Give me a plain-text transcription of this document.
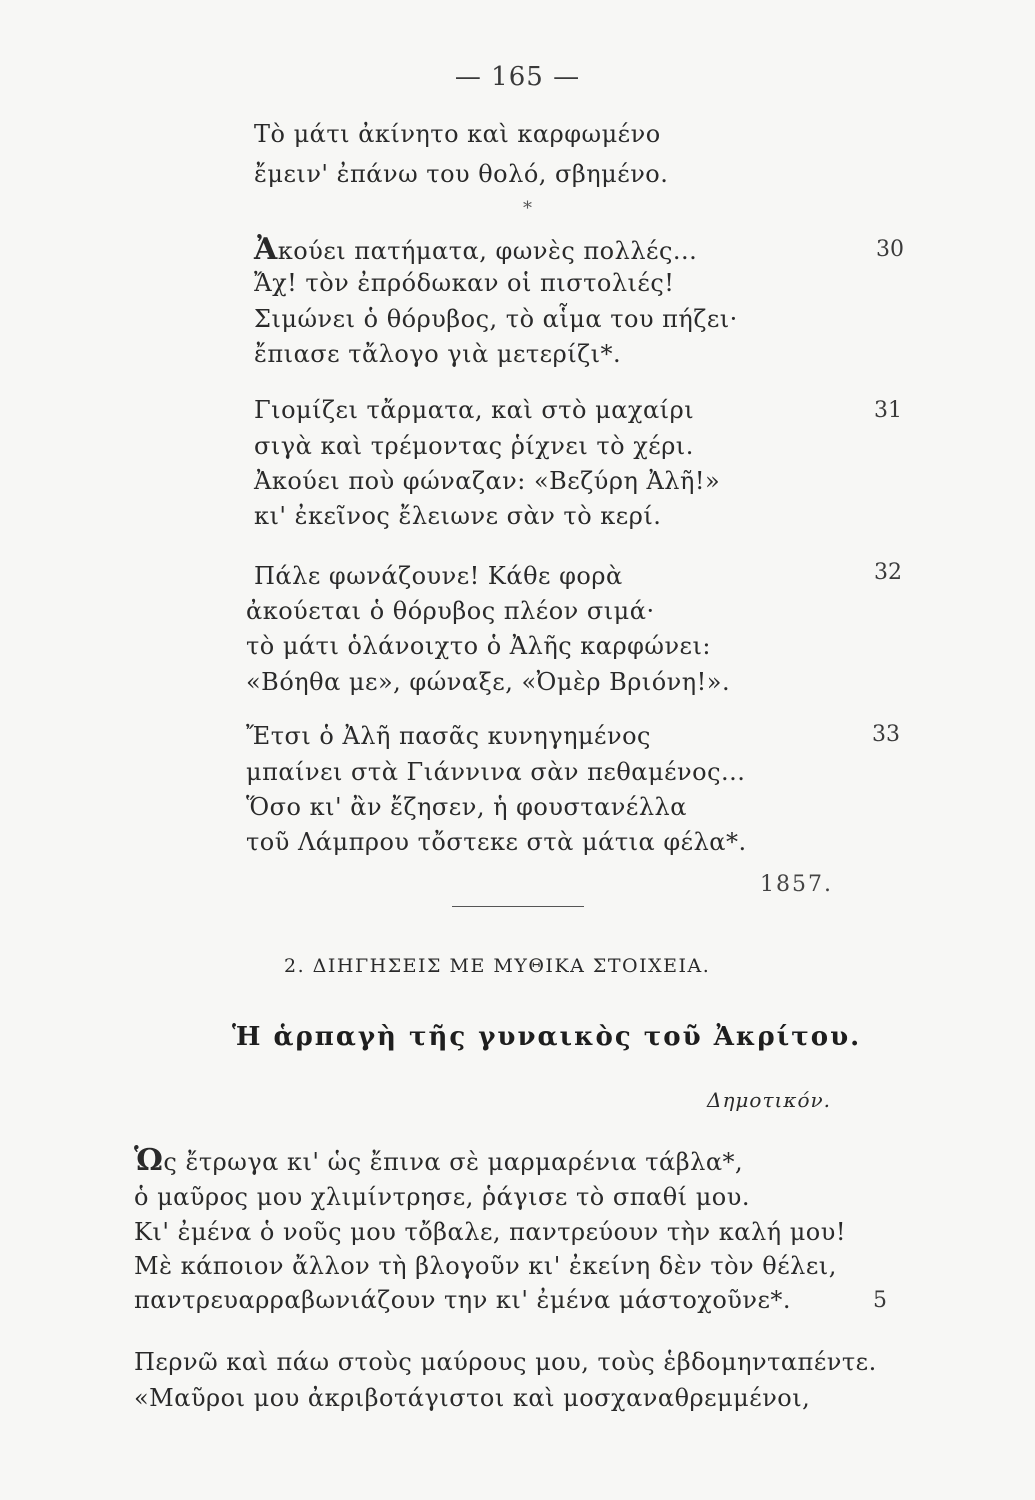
— 165 —
Τὸ μάτι ἀκίνητο καὶ καρφωμένο
ἔμειν' ἐπάνω του θολό, σβημένο.
*
Ἀκούει πατήματα, φωνὲς πολλές...	30
Ἄχ! τὸν ἐπρόδωκαν οἱ πιστολιές!
Σιμώνει ὁ θόρυβος, τὸ αἷμα του πήζει·
ἔπιασε τἄλογο γιὰ μετερίζι*.
Γιομίζει τἄρματα, καὶ στὸ μαχαίρι	31
σιγὰ καὶ τρέμοντας ῥίχνει τὸ χέρι.
Ἀκούει ποὺ φώναζαν: «Βεζύρη Ἀλῆ!»
κι' ἐκεῖνος ἔλειωνε σὰν τὸ κερί.
Πάλε φωνάζουνε! Κάθε φορὰ	32
ἀκούεται ὁ θόρυβος πλέον σιμά·
τὸ μάτι ὁλάνοιχτο ὁ Ἀλῆς καρφώνει:
«Βόηθα με», φώναξε, «Ὀμὲρ Βριόνη!».
Ἔτσι ὁ Ἀλῆ πασᾶς κυνηγημένος	33
μπαίνει στὰ Γιάννινα σὰν πεθαμένος...
Ὅσο κι' ἂν ἔζησεν, ἡ φουστανέλλα
τοῦ Λάμπρου τὄστεκε στὰ μάτια φέλα*.
1857.
2. ΔΙΗΓΗΣΕΙΣ ΜΕ ΜΥΘΙΚΑ ΣΤΟΙΧΕΙΑ.
Ἡ ἁρπαγὴ τῆς γυναικὸς τοῦ Ἀκρίτου.
Δημοτικόν.
Ὡς ἔτρωγα κι' ὡς ἔπινα σὲ μαρμαρένια τάβλα*,
ὁ μαῦρος μου χλιμίντρησε, ῥάγισε τὸ σπαθί μου.
Κι' ἐμένα ὁ νοῦς μου τὄβαλε, παντρεύουν τὴν καλή μου!
Μὲ κάποιον ἄλλον τὴ βλογοῦν κι' ἐκείνη δὲν τὸν θέλει,
παντρευαρραβωνιάζουν την κι' ἐμένα μάστοχοῦνε*.	5
Περνῶ καὶ πάω στοὺς μαύρους μου, τοὺς ἑβδομηνταπέντε.
«Μαῦροι μου ἀκριβοτάγιστοι καὶ μοσχαναθρεμμένοι,
